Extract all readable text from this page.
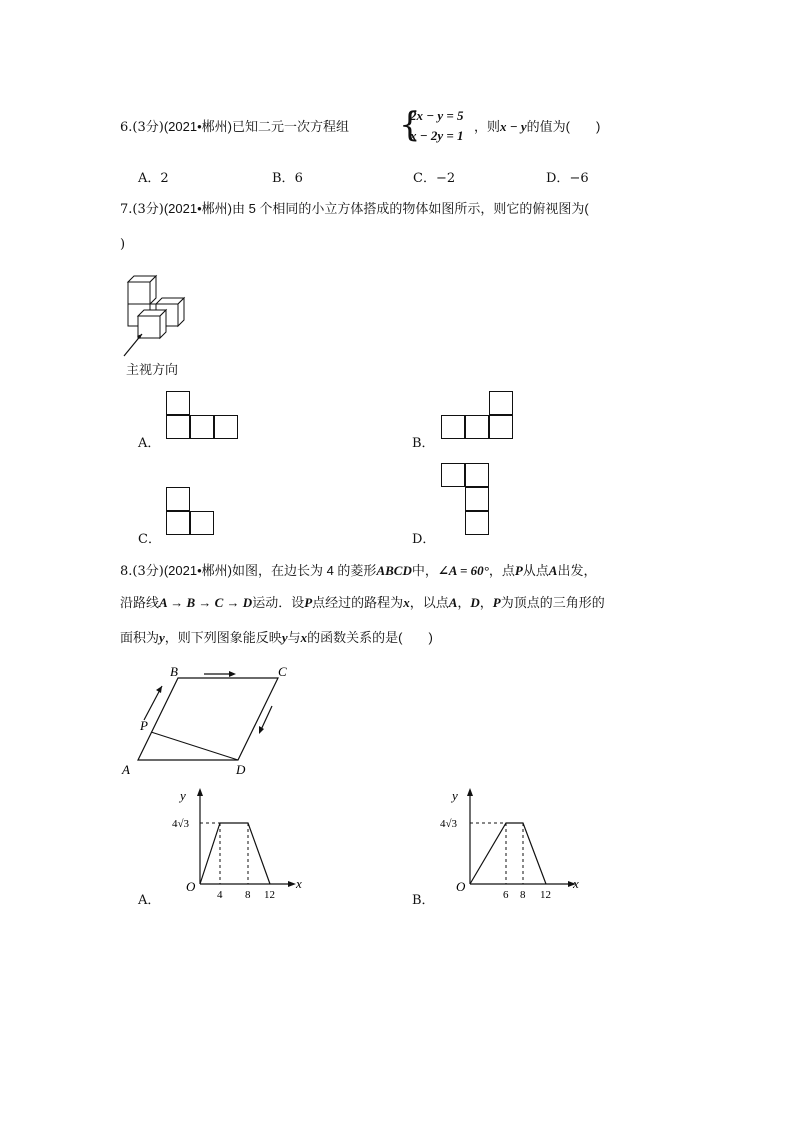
6.(3分)(2021•郴州)已知二元一次方程组 {
2x − y = 5
x − 2y = 1
，则x − y的值为(　　)
A．2	B．6	C．−2	D．−6
7.(3分)(2021•郴州)由 5 个相同的小立方体搭成的物体如图所示，则它的俯视图为(
)
主视方向
A．	B．
C．	D．
8.(3分)(2021•郴州)如图，在边长为 4 的菱形ABCD中，∠A = 60°，点P从点A出发，
沿路线A → B → C → D运动．设P点经过的路程为x，以点A，D，P为顶点的三角形的
面积为y，则下列图象能反映y与x的函数关系的是(　　)
B	C
P
A	D
A．
y
x
O
4√3
4 8 12	B．
y
x
O
4√3
6 8 12
